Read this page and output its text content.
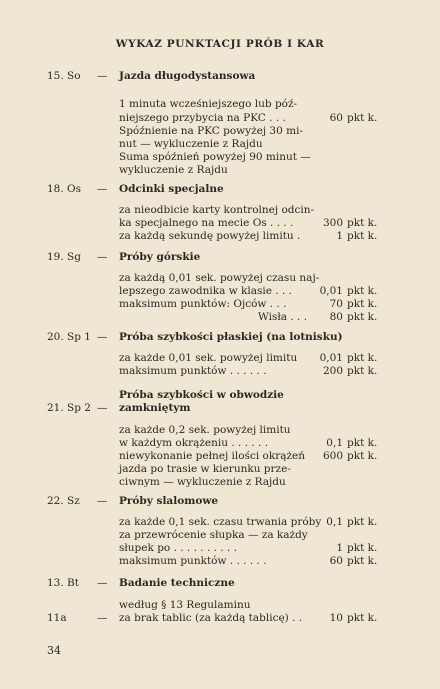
WYKAZ PUNKTACJI PRÓB I KAR
15. So — Jazda długodystansowa
1 minuta wcześniejszego lub póź-
niejszego przybycia na PKC . . .
Spóźnienie na PKC powyżej 30 mi-
nut — wykluczenie z Rajdu
Suma spóźnień powyżej 90 minut —
wykluczenie z Rajdu
60 pkt k.
18. Os — Odcinki specjalne
za nieodbicie karty kontrolnej odcin-
ka specjalnego na mecie Os . . . .
za każdą sekundę powyżej limitu .
300 pkt k.
1 pkt k.
19. Sg — Próby górskie
za każdą 0,01 sek. powyżej czasu naj-
lepszego zawodnika w klasie . . .
maksimum punktów: Ojców . . .
Wisła . . .
0,01 pkt k.
70 pkt k.
80 pkt k.
20. Sp 1 — Próba szybkości płaskiej (na lotnisku)
za każde 0,01 sek. powyżej limitu
maksimum punktów . . . . . .
0,01 pkt k.
200 pkt k.
21. Sp 2 —
Próba szybkości w obwodzie
zamkniętym
za każde 0,2 sek. powyżej limitu
w każdym okrążeniu . . . . . .
niewykonanie pełnej ilości okrążeń
jazda po trasie w kierunku prze-
ciwnym — wykluczenie z Rajdu
0,1 pkt k.
600 pkt k.
22. Sz — Próby slalomowe
za każde 0,1 sek. czasu trwania próby
za przewrócenie słupka — za każdy
słupek po . . . . . . . . . .
maksimum punktów . . . . . .
0,1 pkt k.
1 pkt k.
60 pkt k.
13. Bt — Badanie techniczne
według § 13 Regulaminu
11a	— za brak tablic (za każdą tablicę) . .	10 pkt k.
34
